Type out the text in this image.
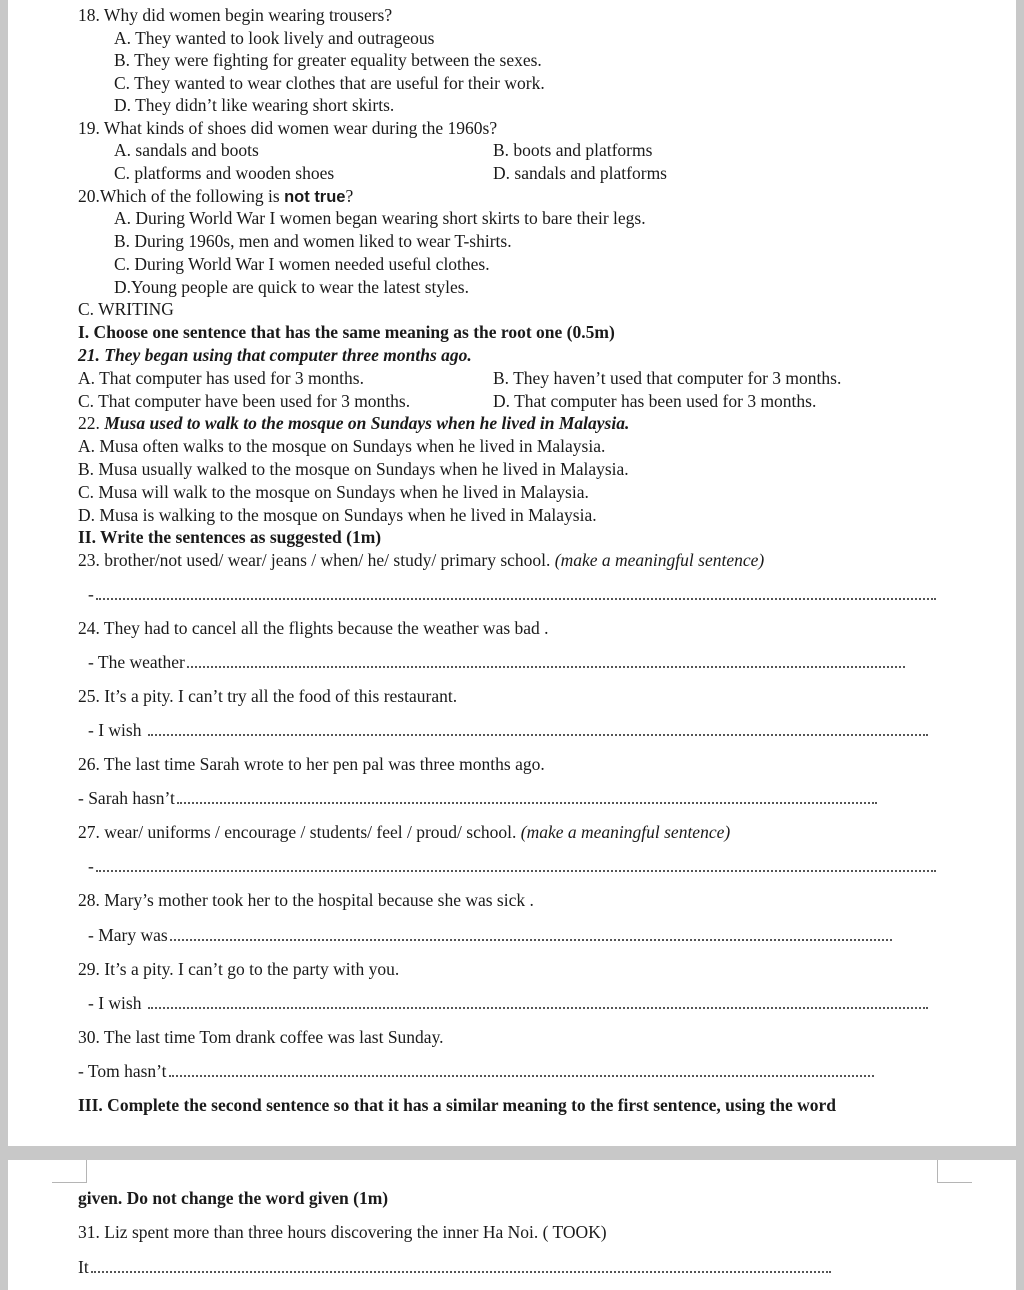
18. Why did women begin wearing trousers?
A. They wanted to look lively and outrageous
B. They were fighting for greater equality between the sexes.
C. They wanted to wear clothes that are useful for their work.
D. They didn’t like wearing short skirts.
19. What kinds of shoes did women wear during the 1960s?
A. sandals and boots	B. boots and platforms
C. platforms and wooden shoes	D. sandals and platforms
20.Which of the following is not true?
A. During World War I women began wearing short skirts to bare their legs.
B. During 1960s, men and women liked to wear T-shirts.
C. During World War I women needed useful clothes.
D.Young people are quick to wear the latest styles.
C. WRITING
I. Choose one sentence that has the same meaning as the root one (0.5m)
21. They began using that computer three months ago.
A. That computer has used for 3 months.	B. They haven’t used that computer for 3 months.
C. That computer have been used for 3 months.	D. That computer has been used for 3 months.
22. Musa used to walk to the mosque on Sundays when he lived in Malaysia.
A. Musa often walks to the mosque on Sundays when he lived in Malaysia.
B. Musa usually walked to the mosque on Sundays when he lived in Malaysia.
C. Musa will walk to the mosque on Sundays when he lived in Malaysia.
D. Musa is walking to the mosque on Sundays when he lived in Malaysia.
II. Write the sentences as suggested (1m)
23. brother/not used/ wear/ jeans / when/ he/ study/ primary school. (make a meaningful sentence)
-
24. They had to cancel all the flights because the weather was bad .
- The weather
25. It’s a pity. I can’t try all the food of this restaurant.
- I wish
26. The last time Sarah wrote to her pen pal was three months ago.
- Sarah hasn’t
27. wear/ uniforms / encourage / students/ feel / proud/ school. (make a meaningful sentence)
-
28. Mary’s mother took her to the hospital because she was sick .
- Mary was
29. It’s a pity. I can’t go to the party with you.
- I wish
30. The last time Tom drank coffee was last Sunday.
- Tom hasn’t
III. Complete the second sentence so that it has a similar meaning to the first sentence, using the word
given. Do not change the word given (1m)
31. Liz spent more than three hours discovering the inner Ha Noi. ( TOOK)
It
